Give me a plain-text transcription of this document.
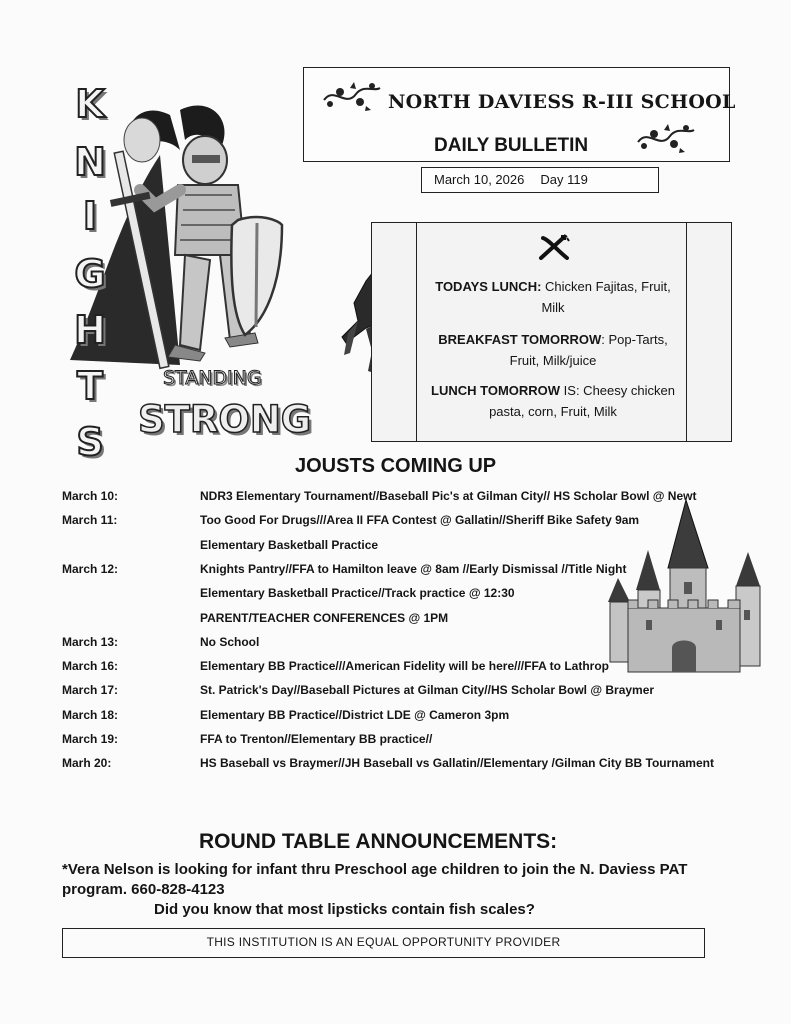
K
N
I
G
H
T
S
STANDING
STRONG
NORTH DAVIESS R-III SCHOOL
DAILY BULLETIN
March 10, 2026 Day 119
TODAYS LUNCH: Chicken Fajitas, Fruit, Milk
BREAKFAST TOMORROW: Pop-Tarts, Fruit, Milk/juice
LUNCH TOMORROW IS: Cheesy chicken pasta, corn, Fruit, Milk
JOUSTS COMING UP
March 10:	NDR3 Elementary Tournament//Baseball Pic's at Gilman City// HS Scholar Bowl @ Newt
March 11:	Too Good For Drugs///Area II FFA Contest @ Gallatin//Sheriff Bike Safety 9am
Elementary Basketball Practice
March 12:	Knights Pantry//FFA to Hamilton leave @ 8am //Early Dismissal //Title Night
Elementary Basketball Practice//Track practice @ 12:30
PARENT/TEACHER CONFERENCES @ 1PM
March 13:	No School
March 16:	Elementary BB Practice///American Fidelity will be here///FFA to Lathrop
March 17:	St. Patrick's Day//Baseball Pictures at Gilman City//HS Scholar Bowl @ Braymer
March 18:	Elementary BB Practice//District LDE @ Cameron 3pm
March 19:	FFA to Trenton//Elementary BB practice//
Marh 20:	HS Baseball vs Braymer//JH Baseball vs Gallatin//Elementary /Gilman City BB Tournament
ROUND TABLE ANNOUNCEMENTS:
*Vera Nelson is looking for infant thru Preschool age children to join the N. Daviess PAT program. 660-828-4123
Did you know that most lipsticks contain fish scales?
THIS INSTITUTION IS AN EQUAL OPPORTUNITY PROVIDER
